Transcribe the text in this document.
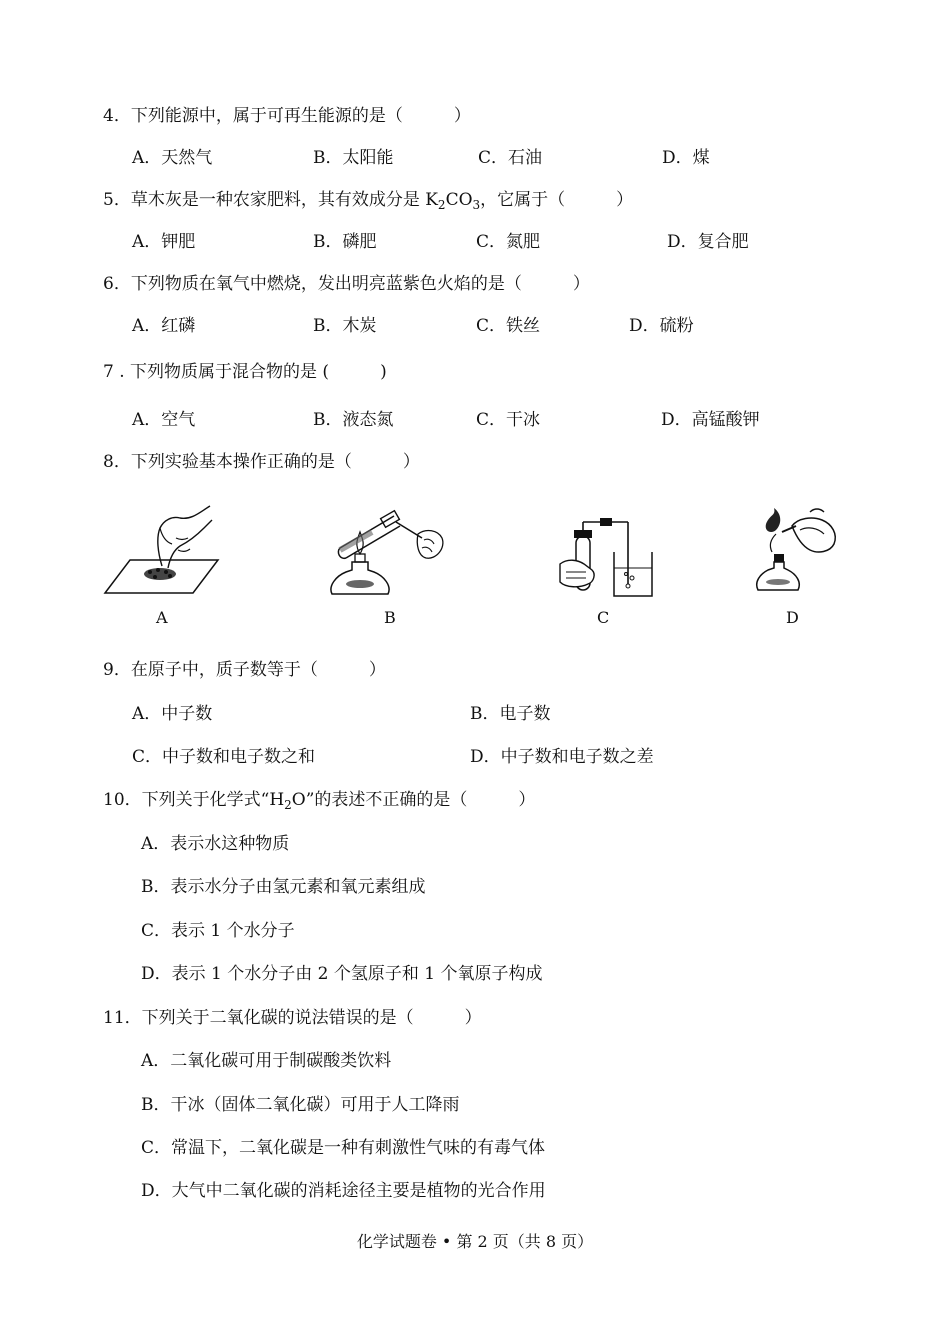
4．下列能源中，属于可再生能源的是（　　　）
A．天然气	B．太阳能	C．石油	D．煤
5．草木灰是一种农家肥料，其有效成分是 $K_2CO_3$，它属于（　　　）
A．钾肥	B．磷肥	C．氮肥	D．复合肥
6．下列物质在氧气中燃烧，发出明亮蓝紫色火焰的是（　　　）
A．红磷	B．木炭	C．铁丝	D．硫粉
7 . 下列物质属于混合物的是 (　　　)
A．空气	B．液态氮	C．干冰	D．高锰酸钾
8．下列实验基本操作正确的是（　　　）
A	B	C	D
9．在原子中，质子数等于（　　　）
A．中子数	B．电子数
C．中子数和电子数之和	D．中子数和电子数之差
10．下列关于化学式“$H_2O$”的表述不正确的是（　　　）
A．表示水这种物质
B．表示水分子由氢元素和氧元素组成
C．表示 1 个水分子
D．表示 1 个水分子由 2 个氢原子和 1 个氧原子构成
11．下列关于二氧化碳的说法错误的是（　　　）
A．二氧化碳可用于制碳酸类饮料
B．干冰（固体二氧化碳）可用于人工降雨
C．常温下，二氧化碳是一种有刺激性气味的有毒气体
D．大气中二氧化碳的消耗途径主要是植物的光合作用
化学试题卷 • 第 2 页（共 8 页）
